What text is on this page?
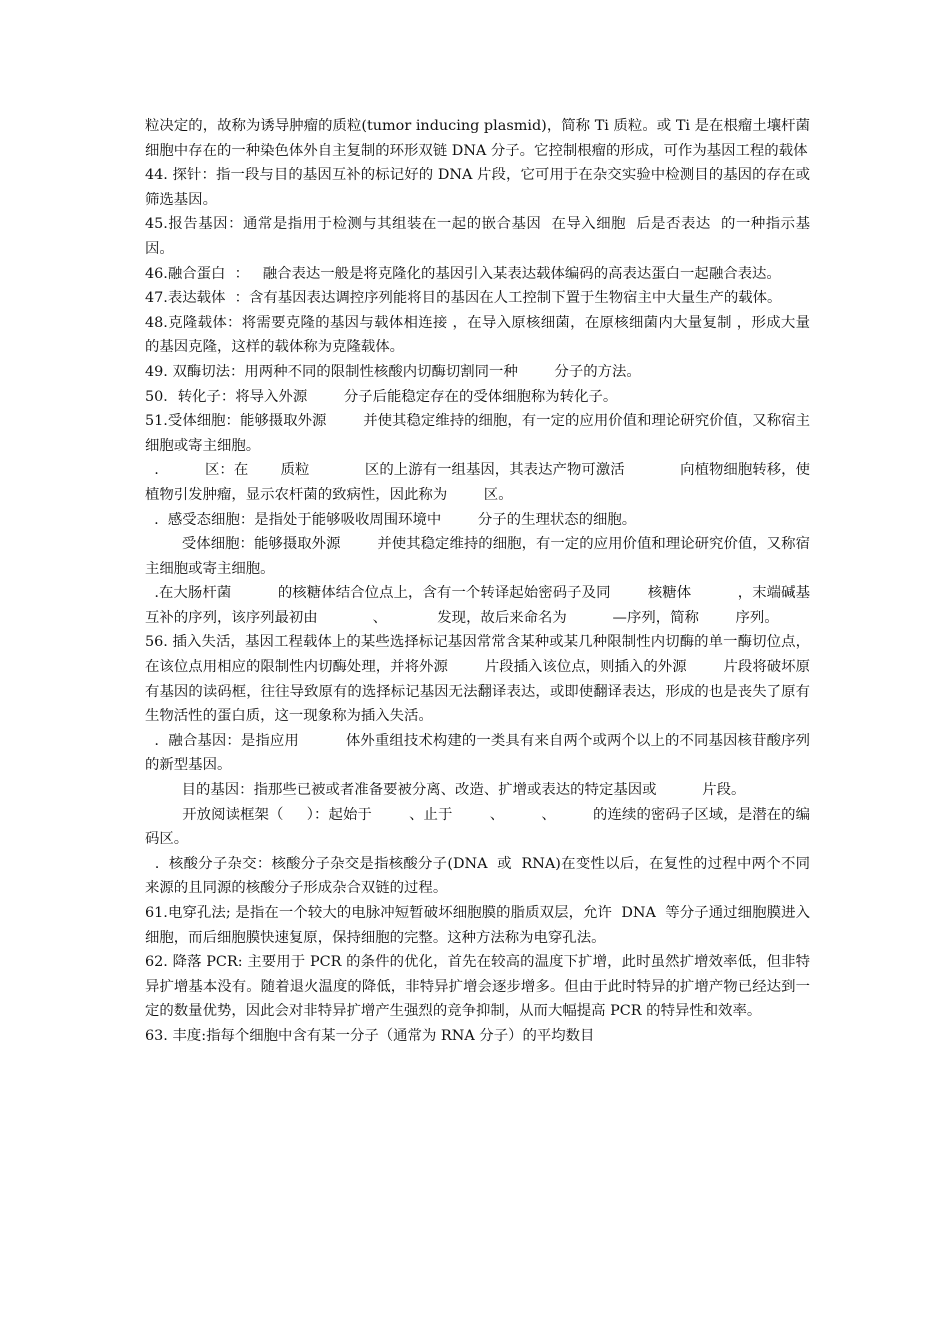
粒决定的，故称为诱导肿瘤的质粒(tumor inducing plasmid)，简称 Ti 质粒。或 Ti 是在根瘤土壤杆菌细胞中存在的一种染色体外自主复制的环形双链 DNA 分子。它控制根瘤的形成，可作为基因工程的载体

44. 探针：指一段与目的基因互补的标记好的 DNA 片段，它可用于在杂交实验中检测目的基因的存在或筛选基因。

45.报告基因：通常是指用于检测与其组装在一起的嵌合基因  在导入细胞  后是否表达  的一种指示基因。

46.融合蛋白  ：   融合表达一般是将克隆化的基因引入某表达载体编码的高表达蛋白一起融合表达。

47.表达载体  ：含有基因表达调控序列能将目的基因在人工控制下置于生物宿主中大量生产的载体。

48.克隆载体：将需要克隆的基因与载体相连接 ，在导入原核细菌，在原核细菌内大量复制 ，形成大量的基因克隆，这样的载体称为克隆载体。

49. 双酶切法：用两种不同的限制性核酸内切酶切割同一种        分子的方法。

50．转化子：将导入外源        分子后能稳定存在的受体细胞称为转化子。

51.受体细胞：能够摄取外源        并使其稳定维持的细胞，有一定的应用价值和理论研究价值，又称宿主细胞或寄主细胞。

.          区：在       质粒            区的上游有一组基因，其表达产物可激活            向植物细胞转移，使植物引发肿瘤，显示农杆菌的致病性，因此称为        区。

.  感受态细胞：是指处于能够吸收周围环境中        分子的生理状态的细胞。

受体细胞：能够摄取外源        并使其稳定维持的细胞，有一定的应用价值和理论研究价值，又称宿主细胞或寄主细胞。

.在大肠杆菌          的核糖体结合位点上，含有一个转译起始密码子及同        核糖体          ，末端碱基互补的序列，该序列最初由            、           发现，故后来命名为          —序列，简称        序列。

56. 插入失活，基因工程载体上的某些选择标记基因常常含某种或某几种限制性内切酶的单一酶切位点，在该位点用相应的限制性内切酶处理，并将外源        片段插入该位点，则插入的外源        片段将破坏原有基因的读码框，往往导致原有的选择标记基因无法翻译表达，或即使翻译表达，形成的也是丧失了原有生物活性的蛋白质，这一现象称为插入失活。

.  融合基因：是指应用          体外重组技术构建的一类具有来自两个或两个以上的不同基因核苷酸序列的新型基因。

目的基因：指那些已被或者准备要被分离、改造、扩增或表达的特定基因或          片段。

开放阅读框架（     ）：起始于        、止于        、        、        的连续的密码子区域，是潜在的编码区。

.  核酸分子杂交：核酸分子杂交是指核酸分子(DNA  或  RNA)在变性以后，在复性的过程中两个不同来源的且同源的核酸分子形成杂合双链的过程。

61.电穿孔法; 是指在一个较大的电脉冲短暂破坏细胞膜的脂质双层，允许  DNA  等分子通过细胞膜进入细胞，而后细胞膜快速复原，保持细胞的完整。这种方法称为电穿孔法。

62. 降落 PCR: 主要用于 PCR 的条件的优化，首先在较高的温度下扩增，此时虽然扩增效率低，但非特异扩增基本没有。随着退火温度的降低，非特异扩增会逐步增多。但由于此时特异的扩增产物已经达到一定的数量优势，因此会对非特异扩增产生强烈的竞争抑制，从而大幅提高 PCR 的特异性和效率。

63. 丰度:指每个细胞中含有某一分子（通常为 RNA 分子）的平均数目
